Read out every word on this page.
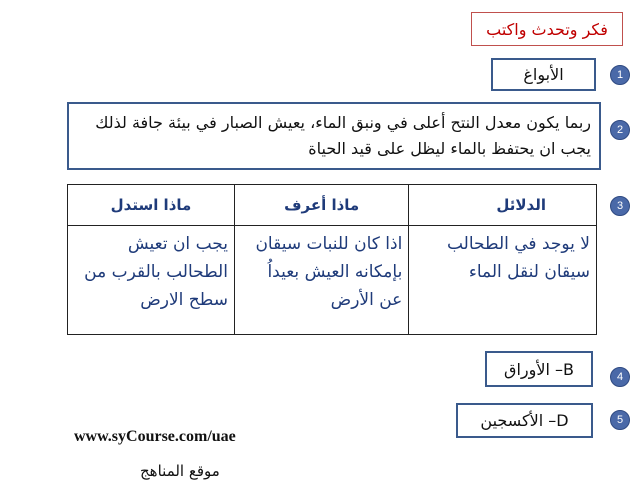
فكر وتحدث واكتب
1
الأبواغ
2
ربما يكون معدل النتح أعلى في ونبق الماء، يعيش الصبار في بيئة جافة لذلك يجب ان يحتفظ بالماء ليظل على قيد الحياة
3
الدلائل	ماذا أعرف	ماذا استدل
لا يوجد في الطحالب سيقان لنقل الماء	اذا كان للنبات سيقان بإمكانه العيش بعيداُ عن الأرض	يجب ان تعيش الطحالب بالقرب من سطح الارض
4
B– الأوراق
5
D– الأكسجين
www.syCourse.com/uae
موقع المناهج
